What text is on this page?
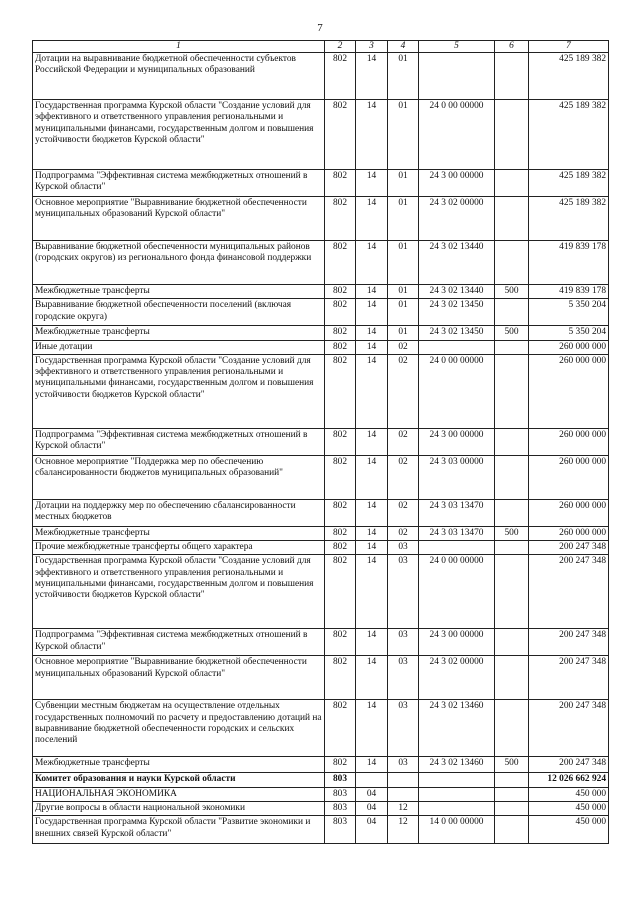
7
1	2	3	4	5	6	7
Дотации на выравнивание бюджетной обеспеченности субъектов Российской Федерации и муниципальных образований	802	14	01			425 189 382
Государственная программа Курской области "Создание условий для эффективного и ответственного управления региональными и муниципальными финансами, государственным долгом и повышения устойчивости бюджетов Курской области"	802	14	01	24 0 00 00000		425 189 382
Подпрограмма "Эффективная система межбюджетных отношений в Курской области"	802	14	01	24 3 00 00000		425 189 382
Основное мероприятие "Выравнивание бюджетной обеспеченности муниципальных образований Курской области"	802	14	01	24 3 02 00000		425 189 382
Выравнивание бюджетной обеспеченности муниципальных районов (городских округов) из регионального фонда финансовой поддержки	802	14	01	24 3 02 13440		419 839 178
Межбюджетные трансферты	802	14	01	24 3 02 13440	500	419 839 178
Выравнивание бюджетной обеспеченности поселений (включая городские округа)	802	14	01	24 3 02 13450		5 350 204
Межбюджетные трансферты	802	14	01	24 3 02 13450	500	5 350 204
Иные дотации	802	14	02			260 000 000
Государственная программа Курской области "Создание условий для эффективного и ответственного управления региональными и муниципальными финансами, государственным долгом и повышения устойчивости бюджетов Курской области"	802	14	02	24 0 00 00000		260 000 000
Подпрограмма "Эффективная система межбюджетных отношений в Курской области"	802	14	02	24 3 00 00000		260 000 000
Основное мероприятие "Поддержка мер по обеспечению сбалансированности бюджетов муниципальных образований"	802	14	02	24 3 03 00000		260 000 000
Дотации на поддержку мер по обеспечению сбалансированности местных бюджетов	802	14	02	24 3 03 13470		260 000 000
Межбюджетные трансферты	802	14	02	24 3 03 13470	500	260 000 000
Прочие межбюджетные трансферты общего характера	802	14	03			200 247 348
Государственная программа Курской области "Создание условий для эффективного и ответственного управления региональными и муниципальными финансами, государственным долгом и повышения устойчивости бюджетов Курской области"	802	14	03	24 0 00 00000		200 247 348
Подпрограмма "Эффективная система межбюджетных отношений в Курской области"	802	14	03	24 3 00 00000		200 247 348
Основное мероприятие "Выравнивание бюджетной обеспеченности муниципальных образований Курской области"	802	14	03	24 3 02 00000		200 247 348
Субвенции местным бюджетам на осуществление отдельных государственных полномочий по расчету и предоставлению дотаций на выравнивание бюджетной обеспеченности городских и сельских поселений	802	14	03	24 3 02 13460		200 247 348
Межбюджетные трансферты	802	14	03	24 3 02 13460	500	200 247 348
Комитет образования и науки Курской области	803					12 026 662 924
НАЦИОНАЛЬНАЯ ЭКОНОМИКА	803	04				450 000
Другие вопросы в области национальной экономики	803	04	12			450 000
Государственная программа Курской области "Развитие экономики и внешних связей Курской области"	803	04	12	14 0 00 00000		450 000
